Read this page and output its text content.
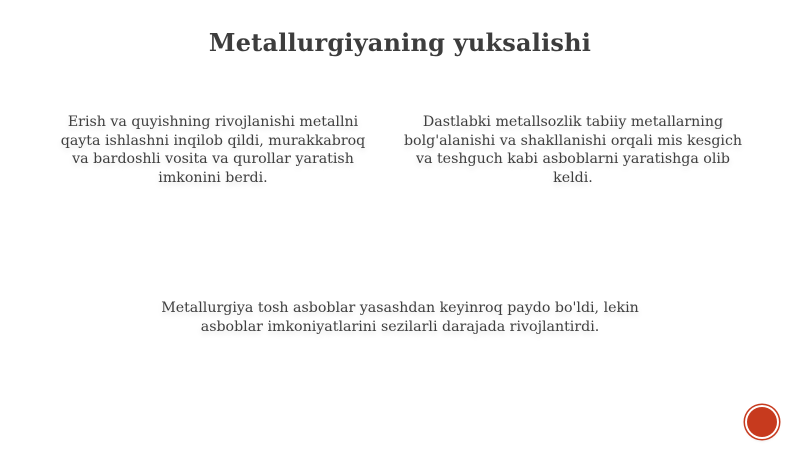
Metallurgiyaning yuksalishi
Erish va quyishning rivojlanishi metallni qayta ishlashni inqilob qildi, murakkabroq va bardoshli vosita va qurollar yaratish imkonini berdi.
Dastlabki metallsozlik tabiiy metallarning bolg'alanishi va shakllanishi orqali mis kesgich va teshguch kabi asboblarni yaratishga olib keldi.
Metallurgiya tosh asboblar yasashdan keyinroq paydo bo'ldi, lekin asboblar imkoniyatlarini sezilarli darajada rivojlantirdi.
